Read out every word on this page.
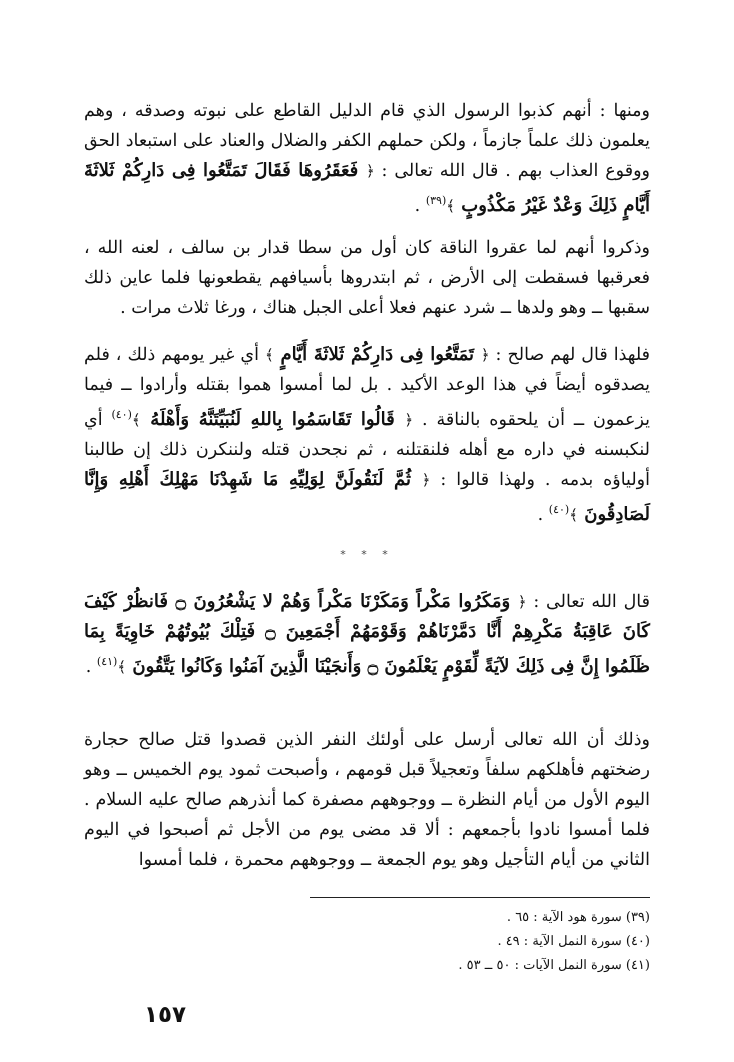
ومنها : أنهم كذبوا الرسول الذي قام الدليل القاطع على نبوته وصدقه ، وهم يعلمون ذلك علماً جازماً ، ولكن حملهم الكفر والضلال والعناد على استبعاد الحق ووقوع العذاب بهم . قال الله تعالى : ﴿ فَعَقَرُوهَا فَقَالَ تَمَتَّعُوا فِى دَارِكُمْ ثَلاثَةَ أَيَّامٍ ذَلِكَ وَعْدٌ غَيْرُ مَكْذُوبٍ ﴾$^{(٣٩)}$ .

وذكروا أنهم لما عقروا الناقة كان أول من سطا قدار بن سالف ، لعنه الله ، فعرقبها فسقطت إلى الأرض ، ثم ابتدروها بأسيافهم يقطعونها فلما عاين ذلك سقبها ــ وهو ولدها ــ شرد عنهم فعلا أعلى الجبل هناك ، ورغا ثلاث مرات .

فلهذا قال لهم صالح : ﴿ تَمَتَّعُوا فِى دَارِكُمْ ثَلاثَةَ أَيَّامٍ ﴾ أي غير يومهم ذلك ، فلم يصدقوه أيضاً في هذا الوعد الأكيد . بل لما أمسوا هموا بقتله وأرادوا ــ فيما يزعمون ــ أن يلحقوه بالناقة . ﴿ قَالُوا تَقَاسَمُوا بِاللهِ لَنُبَيِّتَنَّهُ وَأَهْلَهُ ﴾$^{(٤٠)}$ أي لنكبسنه في داره مع أهله فلنقتلنه ، ثم نجحدن قتله ولننكرن ذلك إن طالبنا أولياؤه بدمه . ولهذا قالوا : ﴿ ثُمَّ لَنَقُولَنَّ لِوَلِيِّهِ مَا شَهِدْنَا مَهْلِكَ أَهْلِهِ وَإِنَّا لَصَادِقُونَ ﴾$^{(٤٠)}$ .

* * *

قال الله تعالى : ﴿ وَمَكَرُوا مَكْراً وَمَكَرْنَا مَكْراً وَهُمْ لا يَشْعُرُونَ ۝ فَانظُرْ كَيْفَ كَانَ عَاقِبَةُ مَكْرِهِمْ أَنَّا دَمَّرْنَاهُمْ وَقَوْمَهُمْ أَجْمَعِينَ ۝ فَتِلْكَ بُيُوتُهُمْ خَاوِيَةً بِمَا ظَلَمُوا إِنَّ فِى ذَلِكَ لآيَةً لِّقَوْمٍ يَعْلَمُونَ ۝ وَأَنجَيْنَا الَّذِينَ آمَنُوا وَكَانُوا يَتَّقُونَ ﴾$^{(٤١)}$ .

وذلك أن الله تعالى أرسل على أولئك النفر الذين قصدوا قتل صالح حجارة رضختهم فأهلكهم سلفاً وتعجيلاً قبل قومهم ، وأصبحت ثمود يوم الخميس ــ وهو اليوم الأول من أيام النظرة ــ ووجوههم مصفرة كما أنذرهم صالح عليه السلام . فلما أمسوا نادوا بأجمعهم : ألا قد مضى يوم من الأجل ثم أصبحوا في اليوم الثاني من أيام التأجيل وهو يوم الجمعة ــ ووجوههم محمرة ، فلما أمسوا

(٣٩) سورة هود الآية : ٦٥ .
(٤٠) سورة النمل الآية : ٤٩ .
(٤١) سورة النمل الآيات : ٥٠ ــ ٥٣ .
١٥٧
